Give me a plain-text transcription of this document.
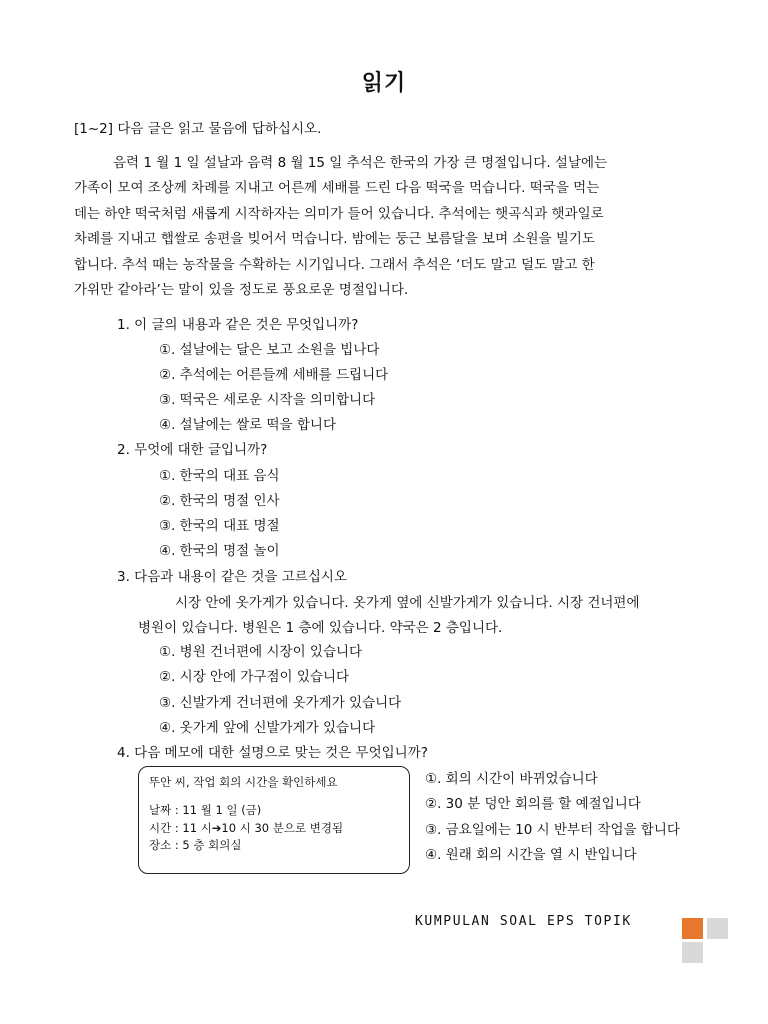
읽기
[1~2] 다음 글은 읽고 물음에 답하십시오.
음력 1 월 1 일 설날과 음력 8 월 15 일 추석은 한국의 가장 큰 명절입니다. 설날에는
가족이 모여 조상께 차례를 지내고 어른께 세배를 드린 다음 떡국을 먹습니다. 떡국을 먹는
데는 하얀 떡국처럼 새롭게 시작하자는 의미가 들어 있습니다. 추석에는 햇곡식과 햇과일로
차례를 지내고 햅쌀로 송편을 빚어서 먹습니다. 밤에는 둥근 보름달을 보며 소원을 빌기도
합니다. 추석 때는 농작물을 수확하는 시기입니다. 그래서 추석은 ‘더도 말고 덜도 말고 한
가위만 같아라’는 말이 있을 정도로 풍요로운 명절입니다.
1. 이 글의 내용과 같은 것은 무엇입니까?
①. 설날에는 달은 보고 소원을 빕나다
②. 추석에는 어른들께 세배를 드립니다
③. 떡국은 세로운 시작을 의미합니다
④. 설날에는 쌀로 떡을 합니다
2. 무엇에 대한 글입니까?
①. 한국의 대표 음식
②. 한국의 명절 인사
③. 한국의 대표 명절
④. 한국의 명절 놀이
3. 다음과 내용이 같은 것을 고르십시오
시장 안에 옷가게가 있습니다. 옷가게 옆에 신발가게가 있습니다. 시장 건너편에
병원이 있습니다. 병원은 1 층에 있습니다. 약국은 2 층입니다.
①. 병원 건너편에 시장이 있습니다
②. 시장 안에 가구점이 있습니다
③. 신발가게 건너편에 옷가게가 있습니다
④. 옷가게 앞에 신발가게가 있습니다
4. 다음 메모에 대한 설명으로 맞는 것은 무엇입니까?
뚜안 씨, 작업 회의 시간을 확인하세요
날짜 : 11 월 1 일 (금)
시간 : 11 시➔10 시 30 분으로 변경됨
장소 : 5 층 회의실
①. 회의 시간이 바뀌었습니다
②. 30 분 덩안 회의를 할 예절입니다
③. 금요일에는 10 시 반부터 작업을 합니다
④. 원래 회의 시간을 열 시 반입니다
KUMPULAN SOAL EPS TOPIK
